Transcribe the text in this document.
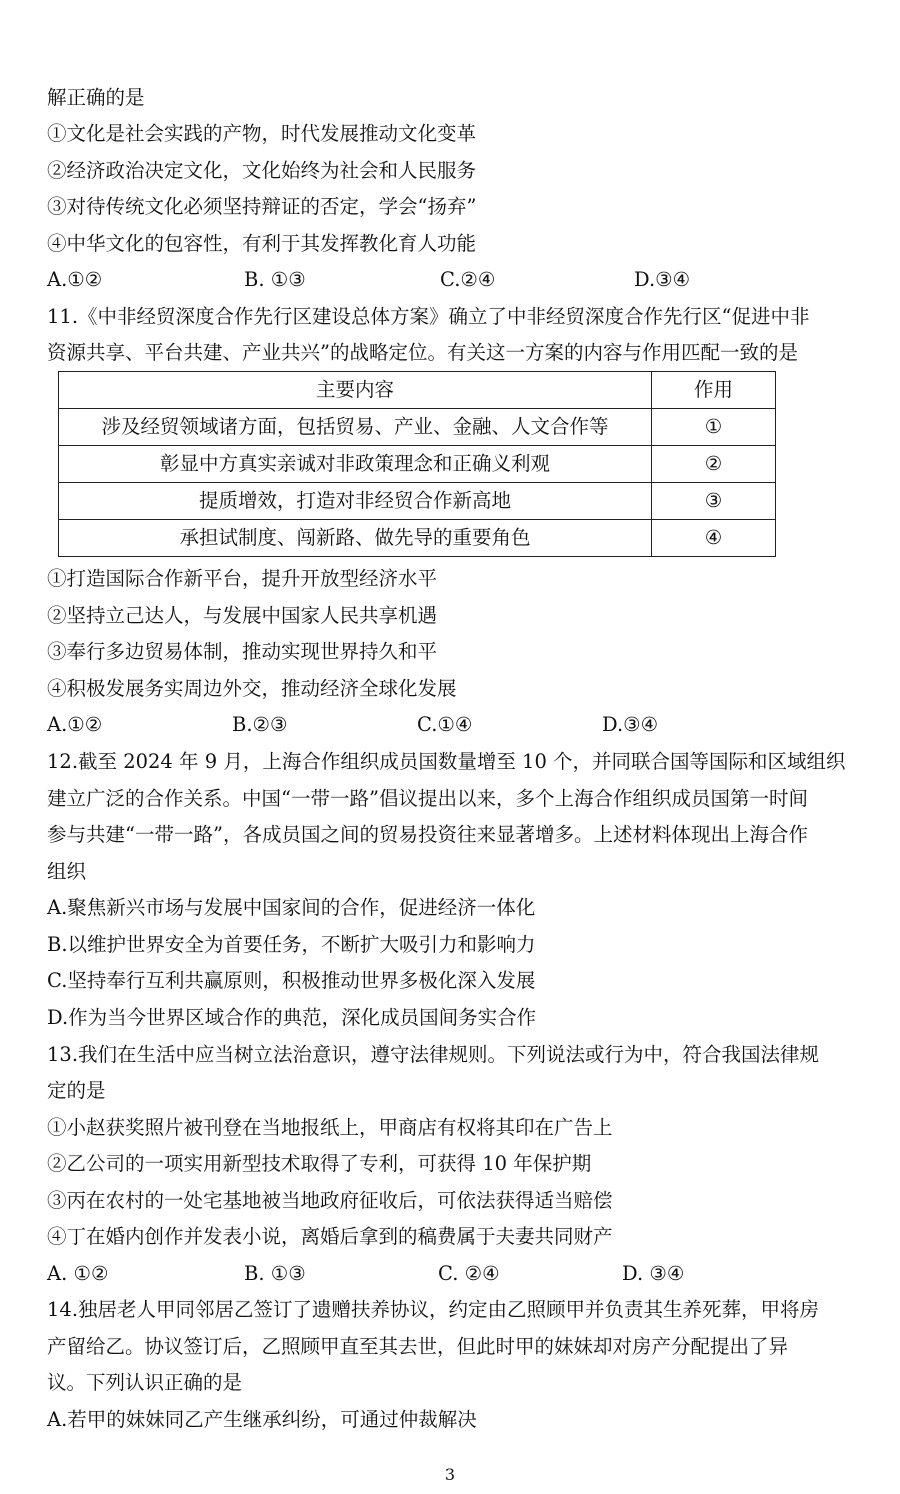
解正确的是
①文化是社会实践的产物，时代发展推动文化变革
②经济政治决定文化，文化始终为社会和人民服务
③对待传统文化必须坚持辩证的否定，学会“扬弃”
④中华文化的包容性，有利于其发挥教化育人功能
A.①②	B. ①③	C.②④	D.③④
11.《中非经贸深度合作先行区建设总体方案》确立了中非经贸深度合作先行区“促进中非
资源共享、平台共建、产业共兴”的战略定位。有关这一方案的内容与作用匹配一致的是
主要内容	作用
涉及经贸领域诸方面，包括贸易、产业、金融、人文合作等	①
彰显中方真实亲诚对非政策理念和正确义利观	②
提质增效，打造对非经贸合作新高地	③
承担试制度、闯新路、做先导的重要角色	④
①打造国际合作新平台，提升开放型经济水平
②坚持立己达人，与发展中国家人民共享机遇
③奉行多边贸易体制，推动实现世界持久和平
④积极发展务实周边外交，推动经济全球化发展
A.①②	B.②③	C.①④	D.③④
12.截至 2024 年 9 月，上海合作组织成员国数量增至 10 个，并同联合国等国际和区域组织
建立广泛的合作关系。中国“一带一路”倡议提出以来，多个上海合作组织成员国第一时间
参与共建“一带一路”，各成员国之间的贸易投资往来显著增多。上述材料体现出上海合作
组织
A.聚焦新兴市场与发展中国家间的合作，促进经济一体化
B.以维护世界安全为首要任务，不断扩大吸引力和影响力
C.坚持奉行互利共赢原则，积极推动世界多极化深入发展
D.作为当今世界区域合作的典范，深化成员国间务实合作
13.我们在生活中应当树立法治意识，遵守法律规则。下列说法或行为中，符合我国法律规
定的是
①小赵获奖照片被刊登在当地报纸上，甲商店有权将其印在广告上
②乙公司的一项实用新型技术取得了专利，可获得 10 年保护期
③丙在农村的一处宅基地被当地政府征收后，可依法获得适当赔偿
④丁在婚内创作并发表小说，离婚后拿到的稿费属于夫妻共同财产
A. ①②	B. ①③	C. ②④	D. ③④
14.独居老人甲同邻居乙签订了遗赠扶养协议，约定由乙照顾甲并负责其生养死葬，甲将房
产留给乙。协议签订后，乙照顾甲直至其去世，但此时甲的妹妹却对房产分配提出了异
议。下列认识正确的是
A.若甲的妹妹同乙产生继承纠纷，可通过仲裁解决
3
